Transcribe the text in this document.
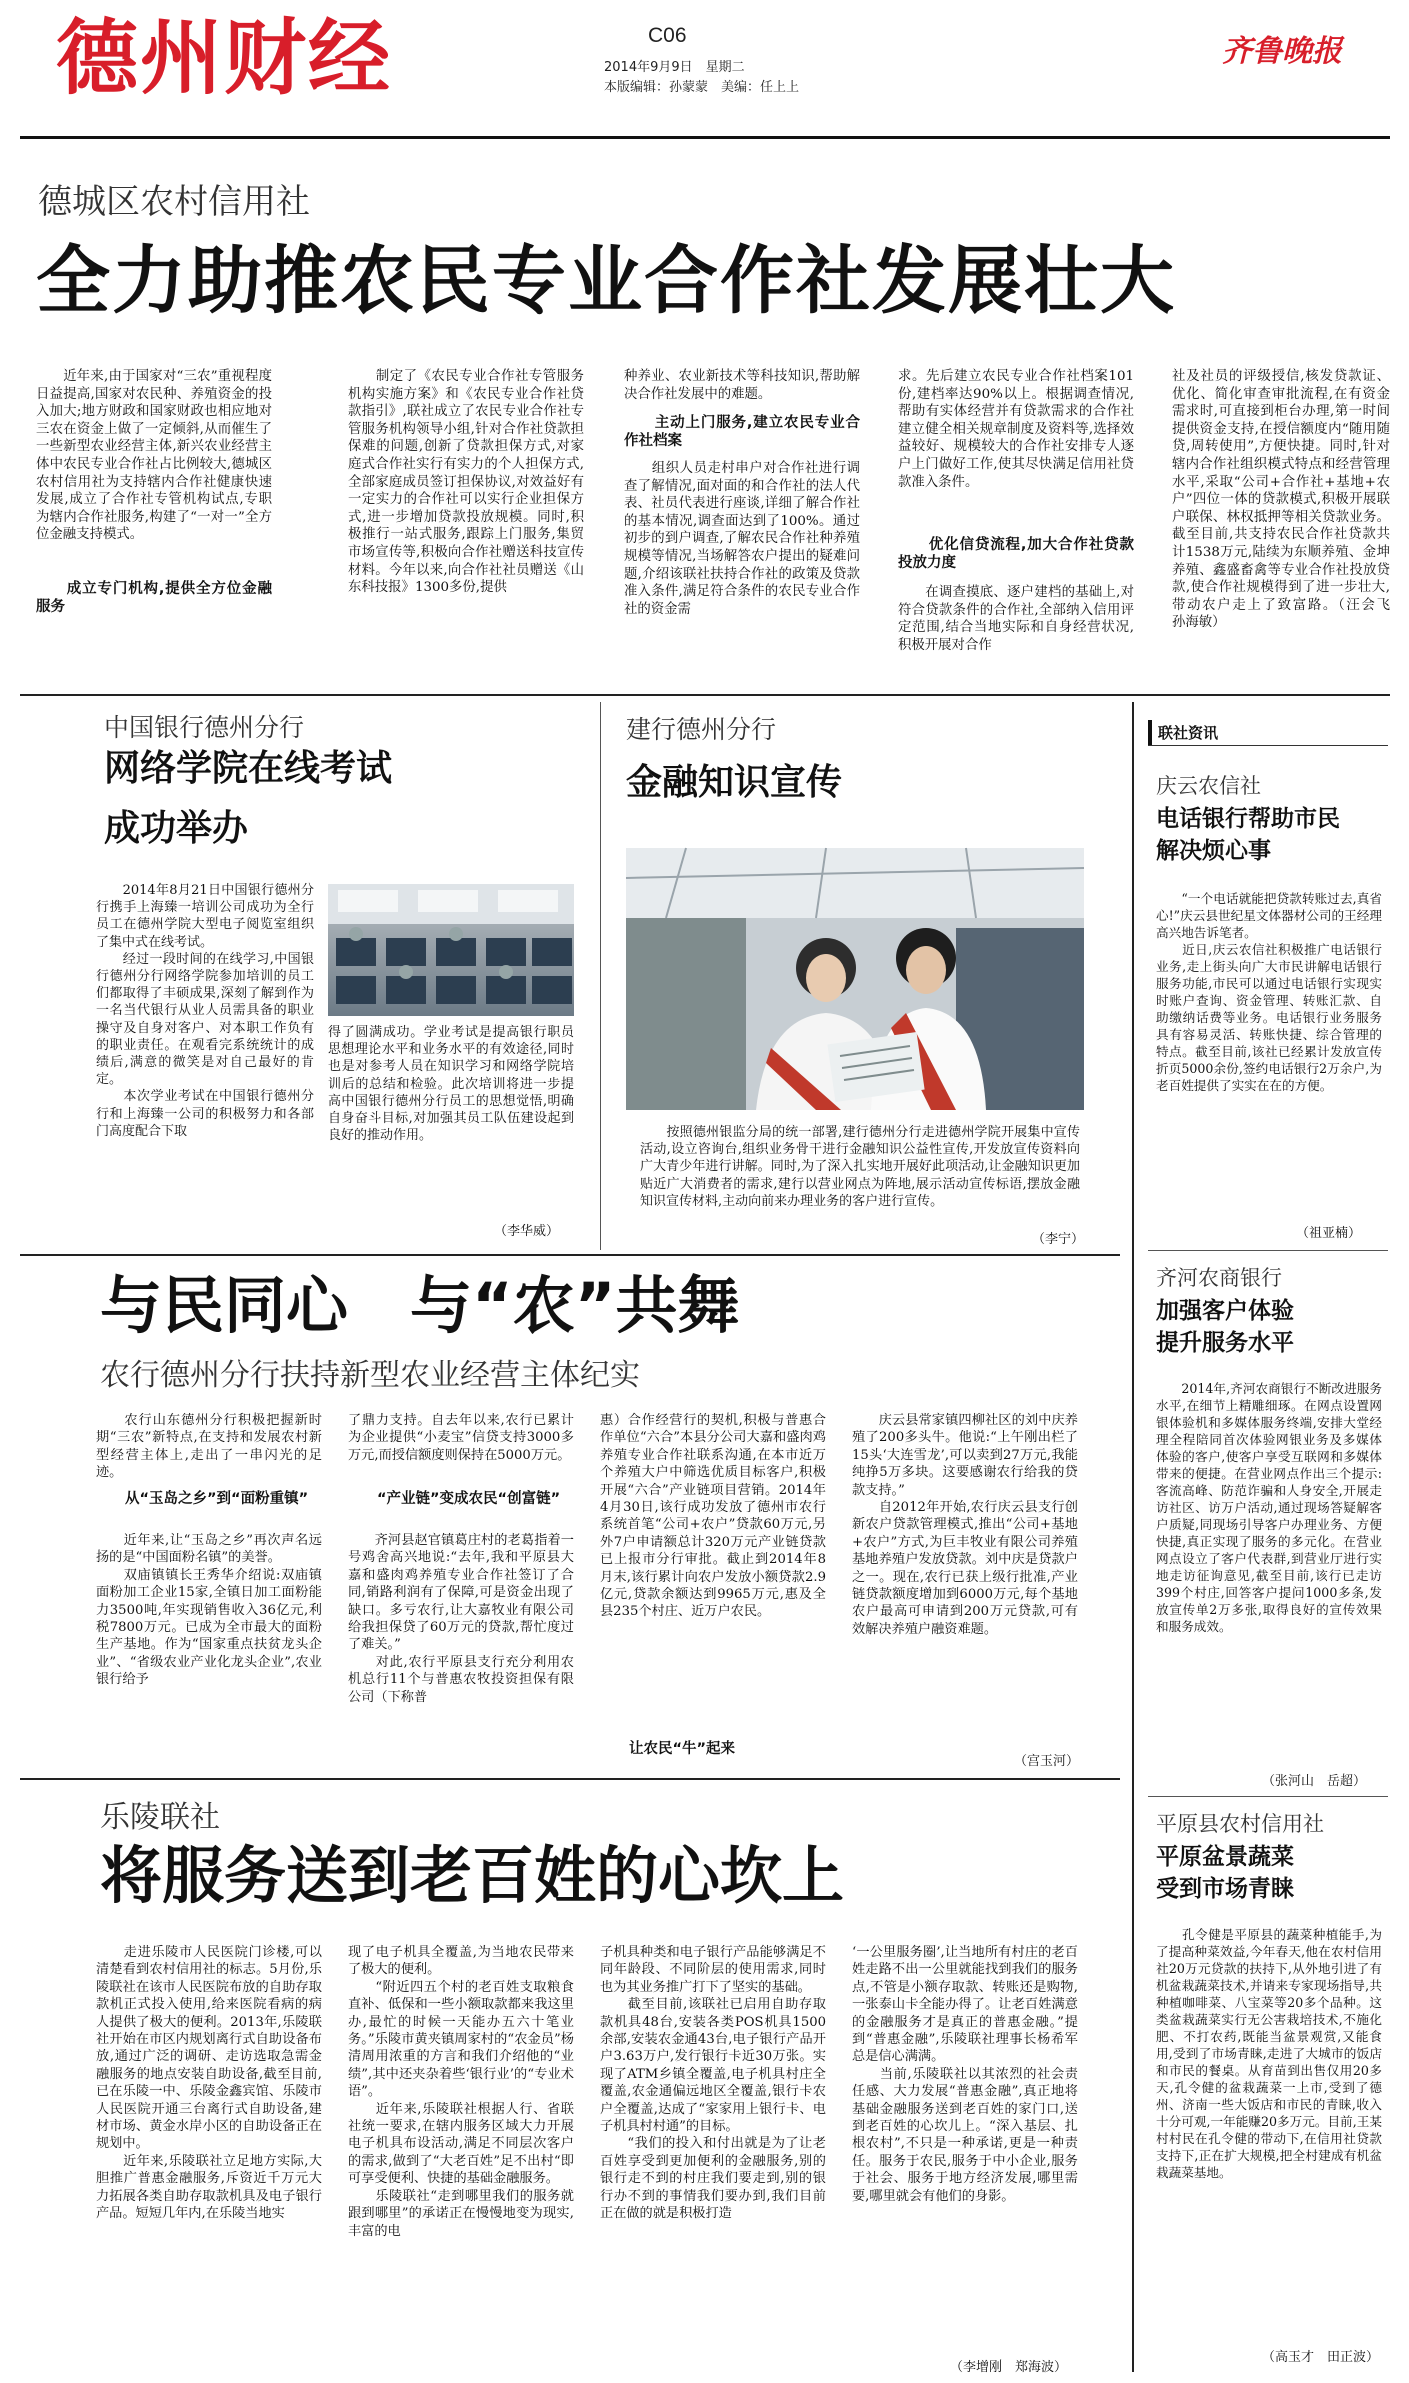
德州财经	C06
2014年9月9日　星期二
本版编辑：孙蒙蒙　美编：任上上
齐鲁晚报
德城区农村信用社
全力助推农民专业合作社发展壮大
　　近年来,由于国家对“三农”重视程度日益提高,国家对农民种、养殖资金的投入加大;地方财政和国家财政也相应地对三农在资金上做了一定倾斜,从而催生了一些新型农业经营主体,新兴农业经营主体中农民专业合作社占比例较大,德城区农村信用社为支持辖内合作社健康快速发展,成立了合作社专管机构试点,专职为辖内合作社服务,构建了“一对一”全方位金融支持模式。
　　成立专门机构,提供全方位金融服务
　　制定了《农民专业合作社专管服务机构实施方案》和《农民专业合作社贷款指引》,联社成立了农民专业合作社专管服务机构领导小组,针对合作社贷款担保难的问题,创新了贷款担保方式,对家庭式合作社实行有实力的个人担保方式,全部家庭成员签订担保协议,对效益好有一定实力的合作社可以实行企业担保方式,进一步增加贷款投放规模。同时,积极推行一站式服务,跟踪上门服务,集贸市场宣传等,积极向合作社赠送科技宣传材料。今年以来,向合作社社员赠送《山东科技报》1300多份,提供
种养业、农业新技术等科技知识,帮助解决合作社发展中的难题。
　　主动上门服务,建立农民专业合作社档案
　　组织人员走村串户对合作社进行调查了解情况,面对面的和合作社的法人代表、社员代表进行座谈,详细了解合作社的基本情况,调查面达到了100%。通过初步的到户调查,了解农民合作社种养殖规模等情况,当场解答农户提出的疑难问题,介绍该联社扶持合作社的政策及贷款准入条件,满足符合条件的农民专业合作社的资金需
求。先后建立农民专业合作社档案101份,建档率达90%以上。根据调查情况,帮助有实体经营并有贷款需求的合作社建立健全相关规章制度及资料等,选择效益较好、规模较大的合作社安排专人逐户上门做好工作,使其尽快满足信用社贷款准入条件。
　　优化信贷流程,加大合作社贷款投放力度
　　在调查摸底、逐户建档的基础上,对符合贷款条件的合作社,全部纳入信用评定范围,结合当地实际和自身经营状况,积极开展对合作
社及社员的评级授信,核发贷款证、优化、简化审查审批流程,在有资金需求时,可直接到柜台办理,第一时间提供资金支持,在授信额度内“随用随贷,周转使用”,方便快捷。同时,针对辖内合作社组织模式特点和经营管理水平,采取“公司+合作社+基地+农户”四位一体的贷款模式,积极开展联户联保、林权抵押等相关贷款业务。截至目前,共支持农民合作社贷款共计1538万元,陆续为东顺养殖、金坤养殖、鑫盛畜禽等专业合作社投放贷款,使合作社规模得到了进一步壮大,带动农户走上了致富路。（汪会飞　孙海敏）
中国银行德州分行
网络学院在线考试
成功举办
　　2014年8月21日中国银行德州分行携手上海臻一培训公司成功为全行员工在德州学院大型电子阅览室组织了集中式在线考试。
　　经过一段时间的在线学习,中国银行德州分行网络学院参加培训的员工们都取得了丰硕成果,深刻了解到作为一名当代银行从业人员需具备的职业操守及自身对客户、对本职工作负有的职业责任。在观看完系统统计的成绩后,满意的微笑是对自己最好的肯定。
　　本次学业考试在中国银行德州分行和上海臻一公司的积极努力和各部门高度配合下取
得了圆满成功。学业考试是提高银行职员思想理论水平和业务水平的有效途径,同时也是对参考人员在知识学习和网络学院培训后的总结和检验。此次培训将进一步提高中国银行德州分行员工的思想觉悟,明确自身奋斗目标,对加强其员工队伍建设起到良好的推动作用。
（李华威）
建行德州分行
金融知识宣传
　　按照德州银监分局的统一部署,建行德州分行走进德州学院开展集中宣传活动,设立咨询台,组织业务骨干进行金融知识公益性宣传,开发放宣传资料向广大青少年进行讲解。同时,为了深入扎实地开展好此项活动,让金融知识更加贴近广大消费者的需求,建行以营业网点为阵地,展示活动宣传标语,摆放金融知识宣传材料,主动向前来办理业务的客户进行宣传。
（李宁）
联社资讯
庆云农信社
电话银行帮助市民
解决烦心事
　　“一个电话就能把贷款转账过去,真省心!”庆云县世纪星文体器材公司的王经理高兴地告诉笔者。
　　近日,庆云农信社积极推广电话银行业务,走上街头向广大市民讲解电话银行服务功能,市民可以通过电话银行实现实时账户查询、资金管理、转账汇款、自助缴纳话费等业务。电话银行业务服务具有容易灵活、转账快捷、综合管理的特点。截至目前,该社已经累计发放宣传折页5000余份,签约电话银行2万余户,为老百姓提供了实实在在的方便。
（祖亚楠）
齐河农商银行
加强客户体验
提升服务水平
　　2014年,齐河农商银行不断改进服务水平,在细节上精雕细琢。在网点设置网银体验机和多媒体服务终端,安排大堂经理全程陪同首次体验网银业务及多媒体体验的客户,使客户享受互联网和多媒体带来的便捷。在营业网点作出三个提示:客流高峰、防范诈骗和人身安全,开展走访社区、访万户活动,通过现场答疑解客户质疑,同现场引导客户办理业务、方便快捷,真正实现了服务的多元化。在营业网点设立了客户代表群,到营业厅进行实地走访征询意见,截至目前,该行已走访399个村庄,回答客户提问1000多条,发放宣传单2万多张,取得良好的宣传效果和服务成效。
（张河山　岳超）
平原县农村信用社
平原盆景蔬菜
受到市场青睐
　　孔令健是平原县的蔬菜种植能手,为了提高种菜效益,今年春天,他在农村信用社20万元贷款的扶持下,从外地引进了有机盆栽蔬菜技术,并请来专家现场指导,共种植咖啡菜、八宝菜等20多个品种。这类盆栽蔬菜实行无公害栽培技术,不施化肥、不打农药,既能当盆景观赏,又能食用,受到了市场青睐,走进了大城市的饭店和市民的餐桌。从育苗到出售仅用20多天,孔令健的盆栽蔬菜一上市,受到了德州、济南一些大饭店和市民的青睐,收入十分可观,一年能赚20多万元。目前,王某村村民在孔令健的带动下,在信用社贷款支持下,正在扩大规模,把全村建成有机盆栽蔬菜基地。
（高玉才　田正波）
与民同心　与“农”共舞
农行德州分行扶持新型农业经营主体纪实
　　农行山东德州分行积极把握新时期“三农”新特点,在支持和发展农村新型经营主体上,走出了一串闪光的足迹。
　　从“玉岛之乡”到“面粉重镇”
　　近年来,让“玉岛之乡”再次声名远扬的是“中国面粉名镇”的美誉。
　　双庙镇镇长王秀华介绍说:双庙镇面粉加工企业15家,全镇日加工面粉能力3500吨,年实现销售收入36亿元,利税7800万元。已成为全市最大的面粉生产基地。作为“国家重点扶贫龙头企业”、“省级农业产业化龙头企业”,农业银行给予
了鼎力支持。自去年以来,农行已累计为企业提供“小麦宝”信贷支持3000多万元,而授信额度则保持在5000万元。
　　“产业链”变成农民“创富链”
　　齐河县赵官镇葛庄村的老葛指着一号鸡舍高兴地说:“去年,我和平原县大嘉和盛肉鸡养殖专业合作社签订了合同,销路利润有了保障,可是资金出现了缺口。多亏农行,让大嘉牧业有限公司给我担保贷了60万元的贷款,帮忙度过了难关。”
　　对此,农行平原县支行充分利用农机总行11个与普惠农牧投资担保有限公司（下称普
惠）合作经营行的契机,积极与普惠合作单位“六合”本县分公司大嘉和盛肉鸡养殖专业合作社联系沟通,在本市近万个养殖大户中筛选优质目标客户,积极开展“六合”产业链项目营销。2014年4月30日,该行成功发放了德州市农行系统首笔“公司+农户”贷款60万元,另外7户申请额总计320万元产业链贷款已上报市分行审批。截止到2014年8月末,该行累计向农户发放小额贷款2.9亿元,贷款余额达到9965万元,惠及全县235个村庄、近万户农民。
　　让农民“牛”起来
　　庆云县常家镇四柳社区的刘中庆养殖了200多头牛。他说:“上午刚出栏了15头‘大连雪龙’,可以卖到27万元,我能纯挣5万多块。这要感谢农行给我的贷款支持。”
　　自2012年开始,农行庆云县支行创新农户贷款管理模式,推出“公司+基地+农户”方式,为巨丰牧业有限公司养殖基地养殖户发放贷款。刘中庆是贷款户之一。现在,农行已获上级行批准,产业链贷款额度增加到6000万元,每个基地农户最高可申请到200万元贷款,可有效解决养殖户融资难题。
（宫玉河）
乐陵联社
将服务送到老百姓的心坎上
　　走进乐陵市人民医院门诊楼,可以清楚看到农村信用社的标志。5月份,乐陵联社在该市人民医院布放的自助存取款机正式投入使用,给来医院看病的病人提供了极大的便利。2013年,乐陵联社开始在市区内规划离行式自助设备布放,通过广泛的调研、走访选取急需金融服务的地点安装自助设备,截至目前,已在乐陵一中、乐陵金鑫宾馆、乐陵市人民医院开通三台离行式自助设备,建材市场、黄金水岸小区的自助设备正在规划中。
　　近年来,乐陵联社立足地方实际,大胆推广普惠金融服务,斥资近千万元大力拓展各类自助存取款机具及电子银行产品。短短几年内,在乐陵当地实
现了电子机具全覆盖,为当地农民带来了极大的便利。
　　“附近四五个村的老百姓支取粮食直补、低保和一些小额取款都来我这里办,最忙的时候一天能办五六十笔业务。”乐陵市黄夹镇周家村的“农金员”杨清周用浓重的方言和我们介绍他的“业绩”,其中还夹杂着些‘银行业’的“专业术语”。
　　近年来,乐陵联社根据人行、省联社统一要求,在辖内服务区域大力开展电子机具布设活动,满足不同层次客户的需求,做到了“大老百姓”足不出村“即可享受便利、快捷的基础金融服务。
　　乐陵联社“走到哪里我们的服务就跟到哪里”的承诺正在慢慢地变为现实,丰富的电
子机具种类和电子银行产品能够满足不同年龄段、不同阶层的使用需求,同时也为其业务推广打下了坚实的基础。
　　截至目前,该联社已启用自助存取款机具48台,安装各类POS机具1500余部,安装农金通43台,电子银行产品开户3.63万户,发行银行卡近30万张。实现了ATM乡镇全覆盖,电子机具村庄全覆盖,农金通偏远地区全覆盖,银行卡农户全覆盖,达成了“家家用上银行卡、电子机具村村通”的目标。
　　“我们的投入和付出就是为了让老百姓享受到更加便利的金融服务,别的银行走不到的村庄我们要走到,别的银行办不到的事情我们要办到,我们目前正在做的就是积极打造
‘一公里服务圈’,让当地所有村庄的老百姓走路不出一公里就能找到我们的服务点,不管是小额存取款、转账还是购物,一张泰山卡全能办得了。让老百姓满意的金融服务才是真正的普惠金融。”提到“普惠金融”,乐陵联社理事长杨希军总是信心满满。
　　当前,乐陵联社以其浓烈的社会责任感、大力发展“普惠金融”,真正地将基础金融服务送到老百姓的家门口,送到老百姓的心坎儿上。“深入基层、扎根农村”,不只是一种承诺,更是一种责任。服务于农民,服务于中小企业,服务于社会、服务于地方经济发展,哪里需要,哪里就会有他们的身影。
（李增刚　郑海波）
